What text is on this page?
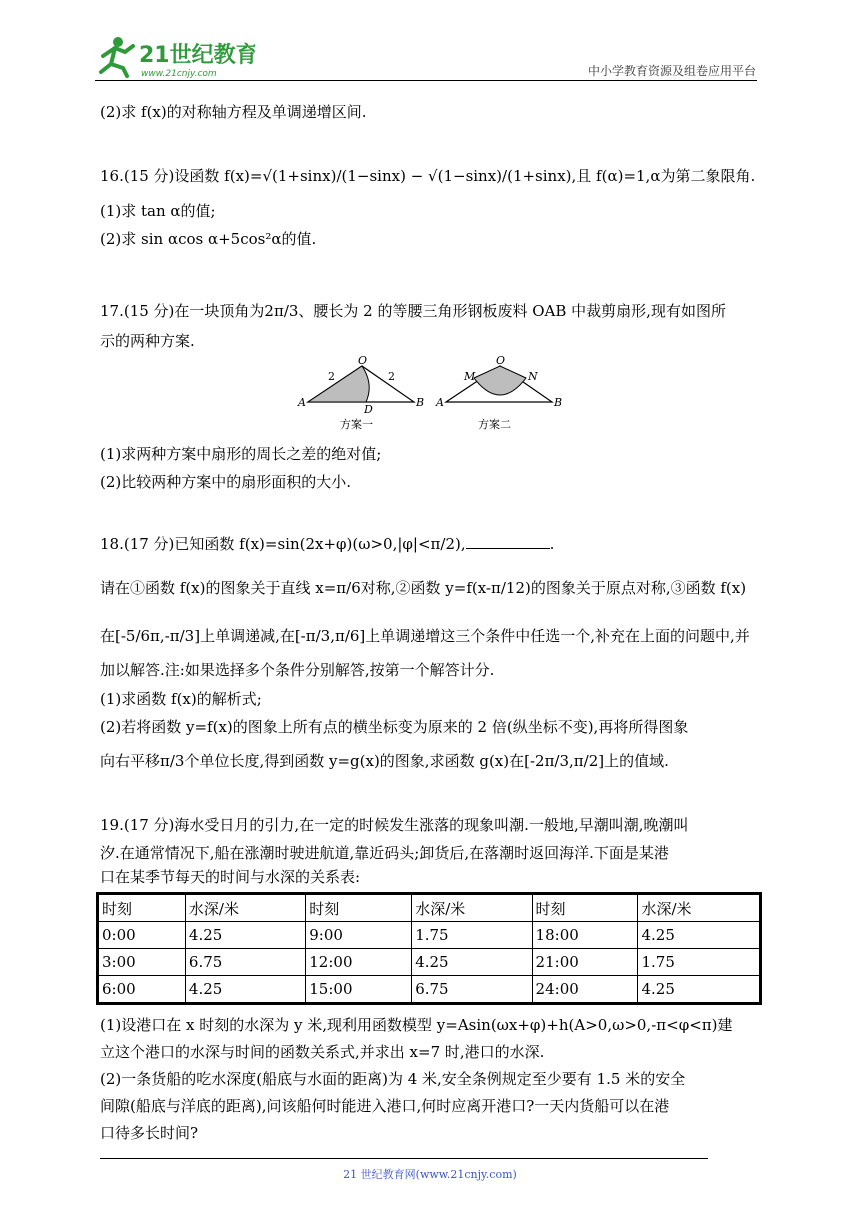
21世纪教育
www.21cnjy.com	中小学教育资源及组卷应用平台
(2)求 f(x)的对称轴方程及单调递增区间.
16.(15 分)设函数 f(x)=√(1+sinx)/(1−sinx) − √(1−sinx)/(1+sinx),且 f(α)=1,α为第二象限角.
(1)求 tan α的值;
(2)求 sin αcos α+5cos²α的值.
17.(15 分)在一块顶角为2π/3、腰长为 2 的等腰三角形钢板废料 OAB 中裁剪扇形,现有如图所
示的两种方案.
O
A	B
D
2	2
方案一
O
A	B
M	N
方案二
(1)求两种方案中扇形的周长之差的绝对值;
(2)比较两种方案中的扇形面积的大小.
18.(17 分)已知函数 f(x)=sin(2x+φ)(ω>0,|φ|<π/2),	.
请在①函数 f(x)的图象关于直线 x=π/6对称,②函数 y=f(x-π/12)的图象关于原点对称,③函数 f(x)
在[-5/6π,-π/3]上单调递减,在[-π/3,π/6]上单调递增这三个条件中任选一个,补充在上面的问题中,并
加以解答.注:如果选择多个条件分别解答,按第一个解答计分.
(1)求函数 f(x)的解析式;
(2)若将函数 y=f(x)的图象上所有点的横坐标变为原来的 2 倍(纵坐标不变),再将所得图象
向右平移π/3个单位长度,得到函数 y=g(x)的图象,求函数 g(x)在[-2π/3,π/2]上的值域.
19.(17 分)海水受日月的引力,在一定的时候发生涨落的现象叫潮.一般地,早潮叫潮,晚潮叫
汐.在通常情况下,船在涨潮时驶进航道,靠近码头;卸货后,在落潮时返回海洋.下面是某港
口在某季节每天的时间与水深的关系表:
时刻	水深/米	时刻	水深/米	时刻	水深/米
0:00	4.25	9:00	1.75	18:00	4.25
3:00	6.75	12:00	4.25	21:00	1.75
6:00	4.25	15:00	6.75	24:00	4.25
(1)设港口在 x 时刻的水深为 y 米,现利用函数模型 y=Asin(ωx+φ)+h(A>0,ω>0,-π<φ<π)建
立这个港口的水深与时间的函数关系式,并求出 x=7 时,港口的水深.
(2)一条货船的吃水深度(船底与水面的距离)为 4 米,安全条例规定至少要有 1.5 米的安全
间隙(船底与洋底的距离),问该船何时能进入港口,何时应离开港口?一天内货船可以在港
口待多长时间?
21 世纪教育网(www.21cnjy.com)
